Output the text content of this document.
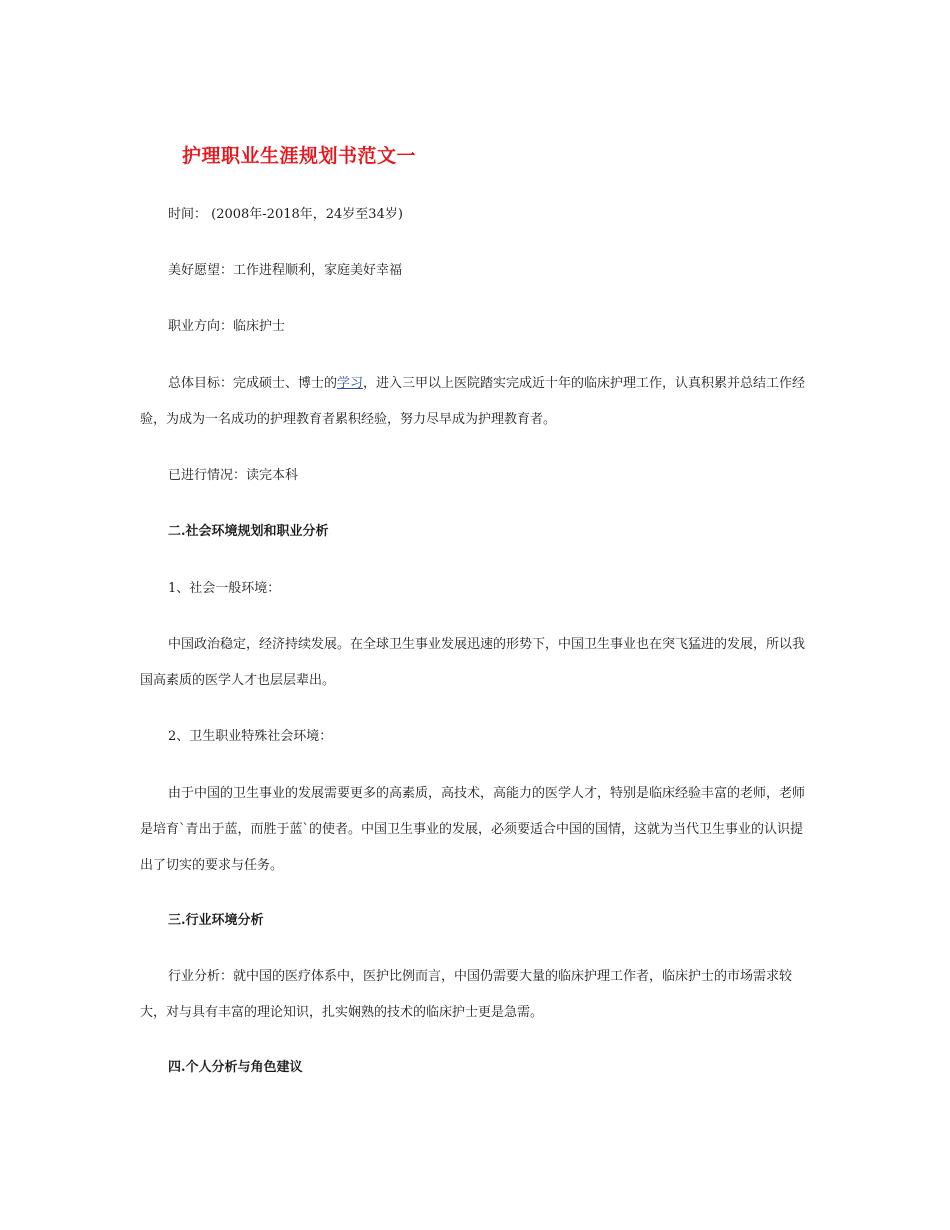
护理职业生涯规划书范文一
时间： (2008年-2018年，24岁至34岁)
美好愿望：工作进程顺利，家庭美好幸福
职业方向：临床护士
总体目标：完成硕士、博士的学习，进入三甲以上医院踏实完成近十年的临床护理工作，认真积累并总结工作经验，为成为一名成功的护理教育者累积经验，努力尽早成为护理教育者。
已进行情况：读完本科
二.社会环境规划和职业分析
1、社会一般环境：
中国政治稳定，经济持续发展。在全球卫生事业发展迅速的形势下，中国卫生事业也在突飞猛进的发展，所以我国高素质的医学人才也层层辈出。
2、卫生职业特殊社会环境：
由于中国的卫生事业的发展需要更多的高素质，高技术，高能力的医学人才，特别是临床经验丰富的老师，老师是培育`青出于蓝，而胜于蓝`的使者。中国卫生事业的发展，必须要适合中国的国情，这就为当代卫生事业的认识提出了切实的要求与任务。
三.行业环境分析
行业分析：就中国的医疗体系中，医护比例而言，中国仍需要大量的临床护理工作者，临床护士的市场需求较大，对与具有丰富的理论知识，扎实娴熟的技术的临床护士更是急需。
四.个人分析与角色建议
